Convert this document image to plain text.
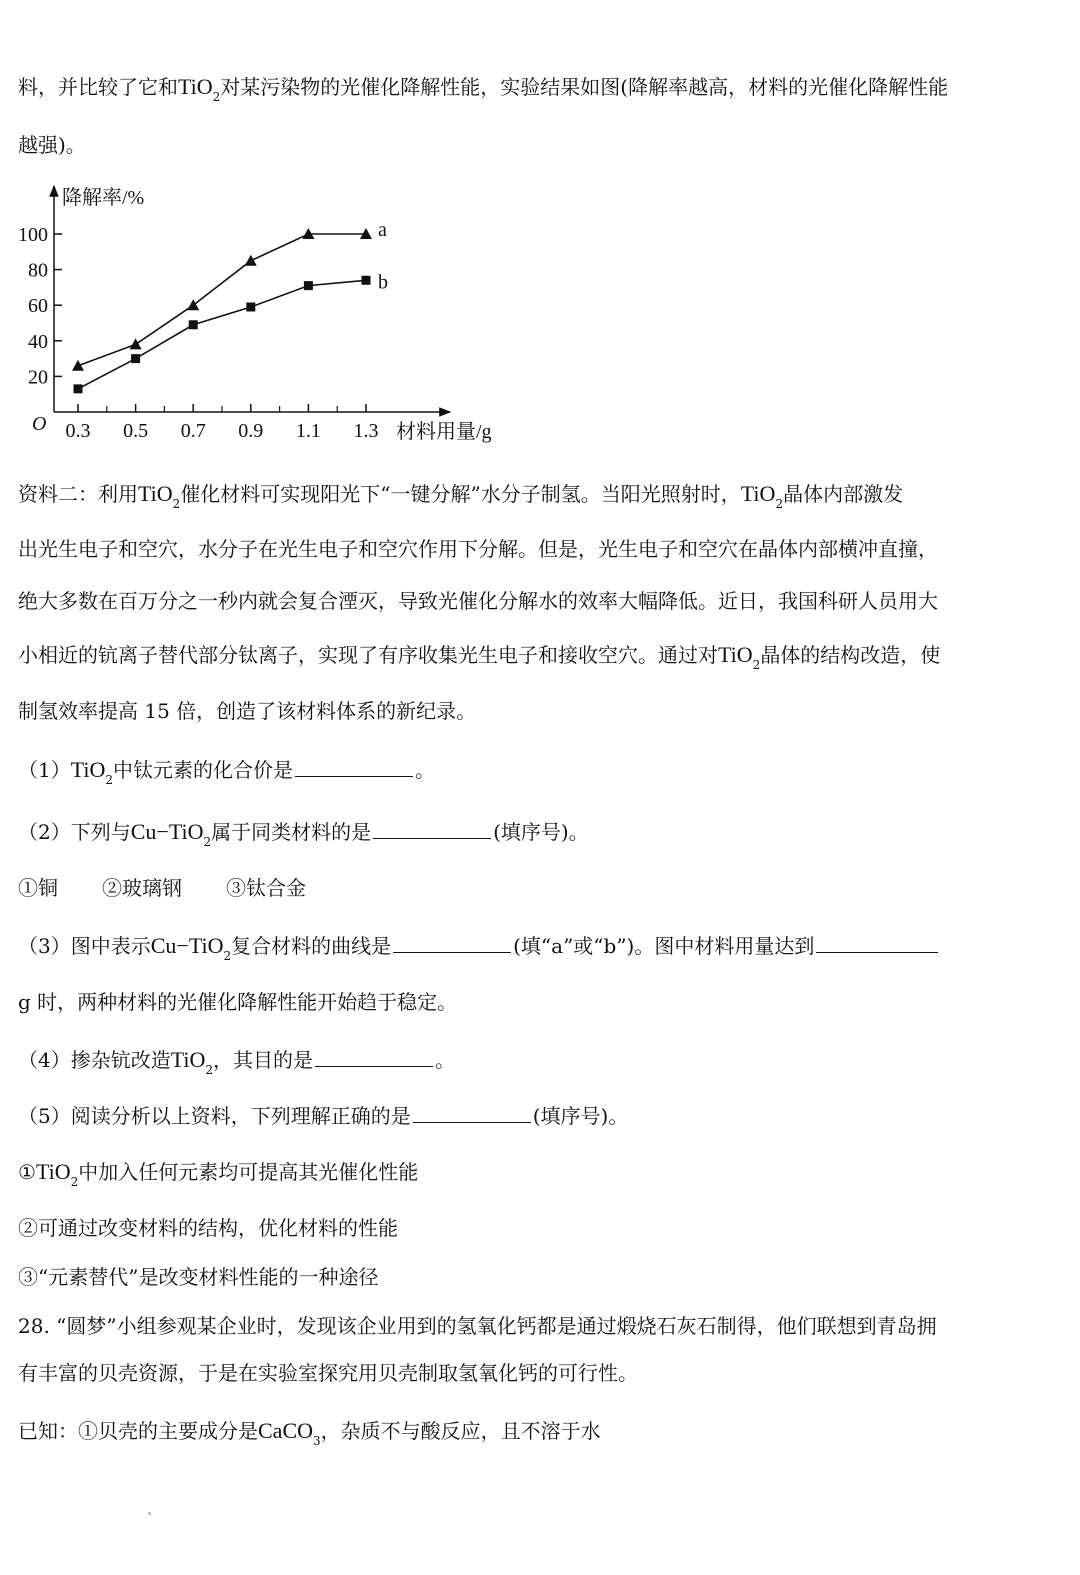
料，并比较了它和TiO$_2$对某污染物的光催化降解性能，实验结果如图(降解率越高，材料的光催化降解性能
越强)。
降解率/%
材料用量/g
O
20
40
60
80
100
0.3 0.5 0.7 0.9 1.1 1.3
a
b
资料二：利用TiO$_2$催化材料可实现阳光下“一键分解”水分子制氢。当阳光照射时，TiO$_2$晶体内部激发
出光生电子和空穴，水分子在光生电子和空穴作用下分解。但是，光生电子和空穴在晶体内部横冲直撞，
绝大多数在百万分之一秒内就会复合湮灭，导致光催化分解水的效率大幅降低。近日，我国科研人员用大
小相近的钪离子替代部分钛离子，实现了有序收集光生电子和接收空穴。通过对TiO$_2$晶体的结构改造，使
制氢效率提高 15 倍，创造了该材料体系的新纪录。
（1）TiO$_2$中钛元素的化合价是	。
（2）下列与Cu−TiO$_2$属于同类材料的是	(填序号)。
①铜 ②玻璃钢 ③钛合金
（3）图中表示Cu−TiO$_2$复合材料的曲线是	(填“a”或“b”)。图中材料用量达到
g 时，两种材料的光催化降解性能开始趋于稳定。
（4）掺杂钪改造TiO$_2$，其目的是	。
（5）阅读分析以上资料，下列理解正确的是	(填序号)。
①TiO$_2$中加入任何元素均可提高其光催化性能
②可通过改变材料的结构，优化材料的性能
③“元素替代”是改变材料性能的一种途径
28. “圆梦”小组参观某企业时，发现该企业用到的氢氧化钙都是通过煅烧石灰石制得，他们联想到青岛拥
有丰富的贝壳资源，于是在实验室探究用贝壳制取氢氧化钙的可行性。
已知：①贝壳的主要成分是CaCO$_3$，杂质不与酸反应，且不溶于水
